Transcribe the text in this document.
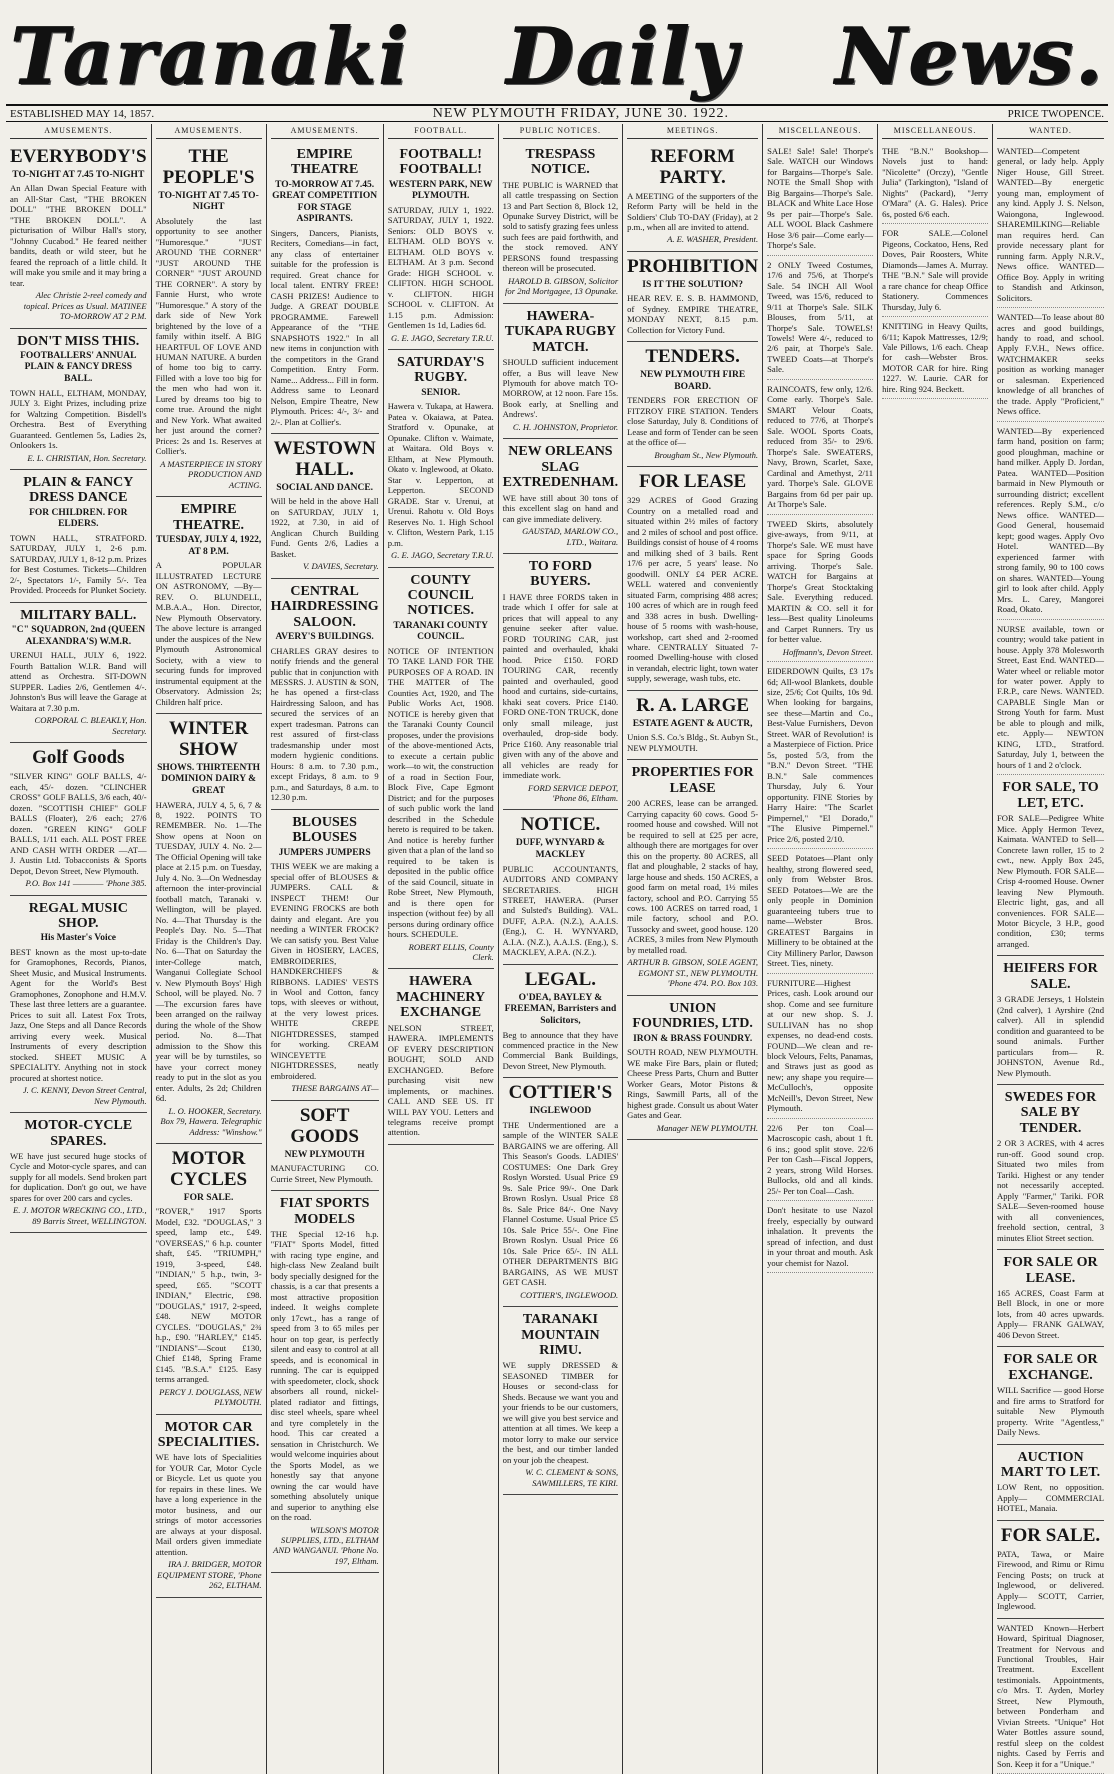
Taranaki Daily News.
ESTABLISHED MAY 14, 1857.	NEW PLYMOUTH FRIDAY, JUNE 30. 1922.	PRICE TWOPENCE.
AMUSEMENTS.
EVERYBODY'S
TO-NIGHT AT 7.45 TO-NIGHT
An Allan Dwan Special Feature with an All-Star Cast, "THE BROKEN DOLL" "THE BROKEN DOLL" "THE BROKEN DOLL". A picturisation of Wilbur Hall's story, "Johnny Cucabod." He feared neither bandits, death or wild steer, but he feared the reproach of a little child. It will make you smile and it may bring a tear.
Alec Christie 2-reel comedy and topical. Prices as Usual. MATINEE TO-MORROW AT 2 P.M.
DON'T MISS THIS.
FOOTBALLERS' ANNUAL PLAIN & FANCY DRESS BALL.
TOWN HALL, ELTHAM, MONDAY, JULY 3. Eight Prizes, including prize for Waltzing Competition. Bisdell's Orchestra. Best of Everything Guaranteed. Gentlemen 5s, Ladies 2s, Onlookers 1s.
E. L. CHRISTIAN, Hon. Secretary.
PLAIN & FANCY DRESS DANCE
FOR CHILDREN. FOR ELDERS.
TOWN HALL, STRATFORD. SATURDAY, JULY 1, 2-6 p.m. SATURDAY, JULY 1, 8-12 p.m. Prizes for Best Costumes. Tickets—Children 2/-, Spectators 1/-, Family 5/-. Tea Provided. Proceeds for Plunket Society.
MILITARY BALL.
"C" SQUADRON, 2nd (QUEEN ALEXANDRA'S) W.M.R.
URENUI HALL, JULY 6, 1922. Fourth Battalion W.I.R. Band will attend as Orchestra. SIT-DOWN SUPPER. Ladies 2/6, Gentlemen 4/-. Johnston's Bus will leave the Garage at Waitara at 7.30 p.m.
CORPORAL C. BLEAKLY, Hon. Secretary.
Golf Goods
"SILVER KING" GOLF BALLS, 4/- each, 45/- dozen. "CLINCHER CROSS" GOLF BALLS, 3/6 each, 40/- dozen. "SCOTTISH CHIEF" GOLF BALLS (Floater), 2/6 each; 27/6 dozen. "GREEN KING" GOLF BALLS, 1/11 each. ALL POST FREE AND CASH WITH ORDER —AT— J. Austin Ltd. Tobacconists & Sports Depot, Devon Street, New Plymouth.
P.O. Box 141 ———— 'Phone 385.
REGAL MUSIC SHOP.
His Master's Voice
BEST known as the most up-to-date for Gramophones, Records, Pianos, Sheet Music, and Musical Instruments. Agent for the World's Best Gramophones, Zonophone and H.M.V. These last three letters are a guarantee. Prices to suit all. Latest Fox Trots, Jazz, One Steps and all Dance Records arriving every week. Musical Instruments of every description stocked. SHEET MUSIC A SPECIALITY. Anything not in stock procured at shortest notice.
J. C. KENNY, Devon Street Central, New Plymouth.
MOTOR-CYCLE SPARES.
WE have just secured huge stocks of Cycle and Motor-cycle spares, and can supply for all models. Send broken part for duplication. Don't go out, we have spares for over 200 cars and cycles.
E. J. MOTOR WRECKING CO., LTD., 89 Barris Street, WELLINGTON.
AMUSEMENTS.
THE PEOPLE'S
TO-NIGHT AT 7.45 TO-NIGHT
Absolutely the last opportunity to see another "Humoresque." "JUST AROUND THE CORNER" "JUST AROUND THE CORNER" "JUST AROUND THE CORNER". A story by Fannie Hurst, who wrote "Humoresque." A story of the dark side of New York brightened by the love of a family within itself. A BIG HEARTFUL OF LOVE AND HUMAN NATURE. A burden of home too big to carry. Filled with a love too big for the men who had won it. Lured by dreams too big to come true. Around the night and New York. What awaited her just around the corner? Prices: 2s and 1s. Reserves at Collier's.
A MASTERPIECE IN STORY PRODUCTION AND ACTING.
EMPIRE THEATRE.
TUESDAY, JULY 4, 1922, AT 8 P.M.
A POPULAR ILLUSTRATED LECTURE ON ASTRONOMY, —By— REV. O. BLUNDELL, M.B.A.A., Hon. Director, New Plymouth Observatory. The above lecture is arranged under the auspices of the New Plymouth Astronomical Society, with a view to securing funds for improved instrumental equipment at the Observatory. Admission 2s; Children half price.
WINTER SHOW
SHOWS. THIRTEENTH DOMINION DAIRY & GREAT
HAWERA, JULY 4, 5, 6, 7 & 8, 1922. POINTS TO REMEMBER. No. 1—The Show opens at Noon on TUESDAY, JULY 4. No. 2—The Official Opening will take place at 2.15 p.m. on Tuesday, July 4. No. 3—On Wednesday afternoon the inter-provincial football match, Taranaki v. Wellington, will be played. No. 4—That Thursday is the People's Day. No. 5—That Friday is the Children's Day. No. 6—That on Saturday the inter-College match, Wanganui Collegiate School v. New Plymouth Boys' High School, will be played. No. 7—The excursion fares have been arranged on the railway during the whole of the Show period. No. 8—That admission to the Show this year will be by turnstiles, so have your correct money ready to put in the slot as you enter. Adults, 2s 2d; Children 6d.
L. O. HOOKER, Secretary. Box 79, Hawera. Telegraphic Address: "Winshow."
MOTOR CYCLES
FOR SALE.
"ROVER," 1917 Sports Model, £32. "DOUGLAS," 3 speed, lamp etc., £49. "OVERSEAS," 6 h.p. counter shaft, £45. "TRIUMPH," 1919, 3-speed, £48. "INDIAN," 5 h.p., twin, 3-speed, £65. "SCOTT INDIAN," Electric, £98. "DOUGLAS," 1917, 2-speed, £48. NEW MOTOR CYCLES. "DOUGLAS," 2¾ h.p., £90. "HARLEY," £145. "INDIANS"—Scout £130, Chief £148, Spring Frame £145. "B.S.A." £125. Easy terms arranged.
PERCY J. DOUGLASS, NEW PLYMOUTH.
MOTOR CAR SPECIALITIES.
WE have lots of Specialities for YOUR Car, Motor Cycle or Bicycle. Let us quote you for repairs in these lines. We have a long experience in the motor business, and our strings of motor accessories are always at your disposal. Mail orders given immediate attention.
IRA J. BRIDGER, MOTOR EQUIPMENT STORE, 'Phone 262, ELTHAM.
AMUSEMENTS.
EMPIRE THEATRE
TO-MORROW AT 7.45. GREAT COMPETITION FOR STAGE ASPIRANTS.
Singers, Dancers, Pianists, Reciters, Comedians—in fact, any class of entertainer suitable for the profession is required. Great chance for local talent. ENTRY FREE! CASH PRIZES! Audience to Judge. A GREAT DOUBLE PROGRAMME. Farewell Appearance of the "THE SNAPSHOTS 1922." In all new items in conjunction with the competitors in the Grand Competition. Entry Form. Name... Address... Fill in form. Address same to Leonard Nelson, Empire Theatre, New Plymouth. Prices: 4/-, 3/- and 2/-. Plan at Collier's.
WESTOWN HALL.
SOCIAL AND DANCE.
Will be held in the above Hall on SATURDAY, JULY 1, 1922, at 7.30, in aid of Anglican Church Building Fund. Gents 2/6, Ladies a Basket.
V. DAVIES, Secretary.
CENTRAL HAIRDRESSING SALOON.
AVERY'S BUILDINGS.
CHARLES GRAY desires to notify friends and the general public that in conjunction with MESSRS. J. AUSTIN & SON, he has opened a first-class Hairdressing Saloon, and has secured the services of an expert tradesman. Patrons can rest assured of first-class tradesmanship under most modern hygienic conditions. Hours: 8 a.m. to 7.30 p.m., except Fridays, 8 a.m. to 9 p.m., and Saturdays, 8 a.m. to 12.30 p.m.
BLOUSES BLOUSES
JUMPERS JUMPERS
THIS WEEK we are making a special offer of BLOUSES & JUMPERS. CALL & INSPECT THEM! Our EVENING FROCKS are both dainty and elegant. Are you needing a WINTER FROCK? We can satisfy you. Best Value Given in HOSIERY, LACES, EMBROIDERIES, HANDKERCHIEFS & RIBBONS. LADIES' VESTS in Wool and Cotton, fancy tops, with sleeves or without, at the very lowest prices. WHITE CREPE NIGHTDRESSES, stamped for working. CREAM WINCEYETTE NIGHTDRESSES, neatly embroidered.
THESE BARGAINS AT—
SOFT GOODS
NEW PLYMOUTH
MANUFACTURING CO. Currie Street, New Plymouth.
FIAT SPORTS MODELS
THE Special 12-16 h.p. "FIAT" Sports Model, fitted with racing type engine, and high-class New Zealand built body specially designed for the chassis, is a car that presents a most attractive proposition indeed. It weighs complete only 17cwt., has a range of speed from 3 to 65 miles per hour on top gear, is perfectly silent and easy to control at all speeds, and is economical in running. The car is equipped with speedometer, clock, shock absorbers all round, nickel-plated radiator and fittings, disc steel wheels, spare wheel and tyre completely in the hood. This car created a sensation in Christchurch. We would welcome inquiries about the Sports Model, as we honestly say that anyone owning the car would have something absolutely unique and superior to anything else on the road.
WILSON'S MOTOR SUPPLIES, LTD., ELTHAM AND WANGANUI. 'Phone No. 197, Eltham.
FOOTBALL.
FOOTBALL! FOOTBALL!
WESTERN PARK, NEW PLYMOUTH.
SATURDAY, JULY 1, 1922. SATURDAY, JULY 1, 1922. Seniors: OLD BOYS v. ELTHAM. OLD BOYS v. ELTHAM. OLD BOYS v. ELTHAM. At 3 p.m. Second Grade: HIGH SCHOOL v. CLIFTON. HIGH SCHOOL v. CLIFTON. HIGH SCHOOL v. CLIFTON. At 1.15 p.m. Admission: Gentlemen 1s 1d, Ladies 6d.
G. E. JAGO, Secretary T.R.U.
SATURDAY'S RUGBY.
SENIOR.
Hawera v. Tukapa, at Hawera. Patea v. Okaiawa, at Patea. Stratford v. Opunake, at Opunake. Clifton v. Waimate, at Waitara. Old Boys v. Eltham, at New Plymouth. Okato v. Inglewood, at Okato. Star v. Lepperton, at Lepperton. SECOND GRADE. Star v. Urenui, at Urenui. Rahotu v. Old Boys Reserves No. 1. High School v. Clifton, Western Park, 1.15 p.m.
G. E. JAGO, Secretary T.R.U.
COUNTY COUNCIL NOTICES.
TARANAKI COUNTY COUNCIL.
NOTICE OF INTENTION TO TAKE LAND FOR THE PURPOSES OF A ROAD. IN THE MATTER of The Counties Act, 1920, and The Public Works Act, 1908. NOTICE is hereby given that the Taranaki County Council proposes, under the provisions of the above-mentioned Acts, to execute a certain public work—to wit, the construction of a road in Section Four, Block Five, Cape Egmont District; and for the purposes of such public work the land described in the Schedule hereto is required to be taken. And notice is hereby further given that a plan of the land so required to be taken is deposited in the public office of the said Council, situate in Robe Street, New Plymouth, and is there open for inspection (without fee) by all persons during ordinary office hours. SCHEDULE.
ROBERT ELLIS, County Clerk.
HAWERA MACHINERY EXCHANGE
NELSON STREET, HAWERA. IMPLEMENTS OF EVERY DESCRIPTION BOUGHT, SOLD AND EXCHANGED. Before purchasing visit new implements, or machines. CALL AND SEE US. IT WILL PAY YOU. Letters and telegrams receive prompt attention.
PUBLIC NOTICES.
TRESPASS NOTICE.
THE PUBLIC is WARNED that all cattle trespassing on Section 13 and Part Section 8, Block 12, Opunake Survey District, will be sold to satisfy grazing fees unless such fees are paid forthwith, and the stock removed. ANY PERSONS found trespassing thereon will be prosecuted.
HAROLD B. GIBSON, Solicitor for 2nd Mortgagee, 13 Opunake.
HAWERA-TUKAPA RUGBY MATCH.
SHOULD sufficient inducement offer, a Bus will leave New Plymouth for above match TO-MORROW, at 12 noon. Fare 15s. Book early, at Snelling and Andrews'.
C. H. JOHNSTON, Proprietor.
NEW ORLEANS SLAG EXTREDENHAM.
WE have still about 30 tons of this excellent slag on hand and can give immediate delivery.
GAUSTAD, MARLOW CO., LTD., Waitara.
TO FORD BUYERS.
I HAVE three FORDS taken in trade which I offer for sale at prices that will appeal to any genuine seeker after value. FORD TOURING CAR, just painted and overhauled, khaki hood. Price £150. FORD TOURING CAR, recently painted and overhauled, good hood and curtains, side-curtains, khaki seat covers. Price £140. FORD ONE-TON TRUCK, done only small mileage, just overhauled, drop-side body. Price £160. Any reasonable trial given with any of the above and all vehicles are ready for immediate work.
FORD SERVICE DEPOT, 'Phone 86, Eltham.
NOTICE.
DUFF, WYNYARD & MACKLEY
PUBLIC ACCOUNTANTS, AUDITORS AND COMPANY SECRETARIES. HIGH STREET, HAWERA. (Purser and Sulsted's Building). VAL. DUFF, A.P.A. (N.Z.), A.A.I.S. (Eng.), C. H. WYNYARD, A.I.A. (N.Z.), A.A.I.S. (Eng.), S. MACKLEY, A.P.A. (N.Z.).
LEGAL.
O'DEA, BAYLEY & FREEMAN, Barristers and Solicitors,
Beg to announce that they have commenced practice in the New Commercial Bank Buildings, Devon Street, New Plymouth.
COTTIER'S
INGLEWOOD
THE Undermentioned are a sample of the WINTER SALE BARGAINS we are offering. All This Season's Goods. LADIES' COSTUMES: One Dark Grey Roslyn Worsted. Usual Price £9 9s. Sale Price 99/-. One Dark Brown Roslyn. Usual Price £8 8s. Sale Price 84/-. One Navy Flannel Costume. Usual Price £5 10s. Sale Price 55/-. One Fine Brown Roslyn. Usual Price £6 10s. Sale Price 65/-. IN ALL OTHER DEPARTMENTS BIG BARGAINS, AS WE MUST GET CASH.
COTTIER'S, INGLEWOOD.
TARANAKI MOUNTAIN RIMU.
WE supply DRESSED & SEASONED TIMBER for Houses or second-class for Sheds. Because we want you and your friends to be our customers, we will give you best service and attention at all times. We keep a motor lorry to make our service the best, and our timber landed on your job the cheapest.
W. C. CLEMENT & SONS, SAWMILLERS, TE KIRI.
MEETINGS.
REFORM PARTY.
A MEETING of the supporters of the Reform Party will be held in the Soldiers' Club TO-DAY (Friday), at 2 p.m., when all are invited to attend.
A. E. WASHER, President.
PROHIBITION
IS IT THE SOLUTION?
HEAR REV. E. S. B. HAMMOND, of Sydney. EMPIRE THEATRE, MONDAY NEXT, 8.15 p.m. Collection for Victory Fund.
TENDERS.
NEW PLYMOUTH FIRE BOARD.
TENDERS FOR ERECTION OF FITZROY FIRE STATION. Tenders close Saturday, July 8. Conditions of Lease and form of Tender can be seen at the office of—
Brougham St., New Plymouth.
FOR LEASE
329 ACRES of Good Grazing Country on a metalled road and situated within 2½ miles of factory and 2 miles of school and post office. Buildings consist of house of 4 rooms and milking shed of 3 bails. Rent 17/6 per acre, 5 years' lease. No goodwill. ONLY £4 PER ACRE. WELL watered and conveniently situated Farm, comprising 488 acres; 100 acres of which are in rough feed and 338 acres in bush. Dwelling-house of 5 rooms with wash-house, workshop, cart shed and 2-roomed whare. CENTRALLY Situated 7-roomed Dwelling-house with closed in verandah, electric light, town water supply, sewerage, wash tubs, etc.
R. A. LARGE
ESTATE AGENT & AUCTR,
Union S.S. Co.'s Bldg., St. Aubyn St., NEW PLYMOUTH.
PROPERTIES FOR LEASE
200 ACRES, lease can be arranged. Carrying capacity 60 cows. Good 5-roomed house and cowshed. Will not be required to sell at £25 per acre, although there are mortgages for over this on the property. 80 ACRES, all flat and ploughable, 2 stacks of hay, large house and sheds. 150 ACRES, a good farm on metal road, 1½ miles factory, school and P.O. Carrying 55 cows. 100 ACRES on tarred road, 1 mile factory, school and P.O. Tussocky and sweet, good house. 120 ACRES, 3 miles from New Plymouth by metalled road.
ARTHUR B. GIBSON, SOLE AGENT, EGMONT ST., NEW PLYMOUTH. 'Phone 474. P.O. Box 103.
UNION FOUNDRIES, LTD.
IRON & BRASS FOUNDRY.
SOUTH ROAD, NEW PLYMOUTH. WE make Fire Bars, plain or fluted; Cheese Press Parts, Churn and Butter Worker Gears, Motor Pistons & Rings, Sawmill Parts, all of the highest grade. Consult us about Water Gates and Gear.
Manager NEW PLYMOUTH.
MISCELLANEOUS.
SALE! Sale! Sale! Thorpe's Sale. WATCH our Windows for Bargains—Thorpe's Sale. NOTE the Small Shop with Big Bargains—Thorpe's Sale. BLACK and White Lace Hose 9s per pair—Thorpe's Sale. ALL WOOL Black Cashmere Hose 3/6 pair—Come early—Thorpe's Sale.
2 ONLY Tweed Costumes, 17/6 and 75/6, at Thorpe's Sale. 54 INCH All Wool Tweed, was 15/6, reduced to 9/11 at Thorpe's Sale. SILK Blouses, from 5/11, at Thorpe's Sale. TOWELS! Towels! Were 4/-, reduced to 2/6 pair, at Thorpe's Sale. TWEED Coats—at Thorpe's Sale.
RAINCOATS, few only, 12/6. Come early. Thorpe's Sale. SMART Velour Coats, reduced to 77/6, at Thorpe's Sale. WOOL Sports Coats, reduced from 35/- to 29/6. Thorpe's Sale. SWEATERS, Navy, Brown, Scarlet, Saxe, Cardinal and Amethyst, 2/11 yard. Thorpe's Sale. GLOVE Bargains from 6d per pair up. At Thorpe's Sale.
TWEED Skirts, absolutely give-aways, from 9/11, at Thorpe's Sale. WE must have space for Spring Goods arriving. Thorpe's Sale. WATCH for Bargains at Thorpe's Great Stocktaking Sale. Everything reduced. MARTIN & CO. sell it for less—Best quality Linoleums and Carpet Runners. Try us for better value.
Hoffmann's, Devon Street.
EIDERDOWN Quilts, £3 17s 6d; All-wool Blankets, double size, 25/6; Cot Quilts, 10s 9d. When looking for bargains, see these—Martin and Co., Best-Value Furnishers, Devon Street. WAR of Revolution! is a Masterpiece of Fiction. Price 5s, posted 5/3, from the "B.N." Devon Street. "THE B.N." Sale commences Thursday, July 6. Your opportunity. FINE Stories by Harry Haire: "The Scarlet Pimpernel," "El Dorado," "The Elusive Pimpernel." Price 2/6, posted 2/10.
SEED Potatoes—Plant only healthy, strong flowered seed, only from Webster Bros. SEED Potatoes—We are the only people in Dominion guaranteeing tubers true to name—Webster Bros. GREATEST Bargains in Millinery to be obtained at the City Millinery Parlor, Dawson Street. Ties, ninety.
FURNITURE—Highest Prices, cash. Look around our shop. Come and see furniture at our new shop. S. J. SULLIVAN has no shop expenses, no dead-end costs. FOUND—We clean and re-block Velours, Felts, Panamas, and Straws just as good as new; any shape you require—McCulloch's, opposite McNeill's, Devon Street, New Plymouth.
22/6 Per ton Coal—Macroscopic cash, about 1 ft. 6 ins.; good split stove. 22/6 Per ton Cash—Fiscal Joppers, 2 years, strong Wild Horses. Bullocks, old and all kinds. 25/- Per ton Coal—Cash.
Don't hesitate to use Nazol freely, especially by outward inhalation. It prevents the spread of infection, and dust in your throat and mouth. Ask your chemist for Nazol.
MISCELLANEOUS.
THE "B.N." Bookshop—Novels just to hand: "Nicolette" (Orczy), "Gentle Julia" (Tarkington), "Island of Nights" (Packard), "Jerry O'Mara" (A. G. Hales). Price 6s, posted 6/6 each.
FOR SALE.—Colonel Pigeons, Cockatoo, Hens, Red Doves, Pair Roosters, White Diamonds—James A. Murray. THE "B.N." Sale will provide a rare chance for cheap Office Stationery. Commences Thursday, July 6.
KNITTING in Heavy Quilts, 6/11; Kapok Mattresses, 12/9; Vale Pillows, 1/6 each. Cheap for cash—Webster Bros. MOTOR CAR for hire. Ring 1227. W. Laurie. CAR for hire. Ring 924. Beckett.
WANTED.
WANTED—Competent general, or lady help. Apply Niger House, Gill Street. WANTED—By energetic young man, employment of any kind. Apply J. S. Nelson, Waiongona, Inglewood. SHAREMILKING—Reliable man requires herd. Can provide necessary plant for running farm. Apply N.R.V., News office. WANTED—Office Boy. Apply in writing to Standish and Atkinson, Solicitors.
WANTED—To lease about 80 acres and good buildings, handy to road, and school. Apply F.V.H., News office. WATCHMAKER seeks position as working manager or salesman. Experienced knowledge of all branches of the trade. Apply "Proficient," News office.
WANTED—By experienced farm hand, position on farm; good ploughman, machine or hand milker. Apply D. Jordan, Patea. WANTED—Position barmaid in New Plymouth or surrounding district; excellent references. Reply S.M., c/o News office. WANTED—Good General, housemaid kept; good wages. Apply Ovo Hotel. WANTED—By experienced farmer with strong family, 90 to 100 cows on shares. WANTED—Young girl to look after child. Apply Mrs. L. Carey, Mangorei Road, Okato.
NURSE available, town or country; would take patient in house. Apply 378 Molesworth Street, East End. WANTED—Water wheel or reliable motor for water power. Apply to F.R.P., care News. WANTED. CAPABLE Single Man or Strong Youth for farm. Must be able to plough and milk, etc. Apply— NEWTON KING, LTD., Stratford. Saturday, July 1, between the hours of 1 and 2 o'clock.
FOR SALE, TO LET, ETC.
FOR SALE—Pedigree White Mice. Apply Hermon Tevez, Kaimata. WANTED to Sell—Concrete lawn roller, 15 to 2 cwt., new. Apply Box 245, New Plymouth. FOR SALE—Crisp 4-roomed House. Owner leaving New Plymouth. Electric light, gas, and all conveniences. FOR SALE—Motor Bicycle, 3 H.P., good condition, £30; terms arranged.
HEIFERS FOR SALE.
3 GRADE Jerseys, 1 Holstein (2nd calver), 1 Ayrshire (2nd calver). All in splendid condition and guaranteed to be sound animals. Further particulars from— R. JOHNSTON, Avenue Rd., New Plymouth.
SWEDES FOR SALE BY TENDER.
2 OR 3 ACRES, with 4 acres run-off. Good sound crop. Situated two miles from Tariki. Highest or any tender not necessarily accepted. Apply "Farmer," Tariki. FOR SALE—Seven-roomed house with all conveniences, freehold section, central, 3 minutes Eliot Street section.
FOR SALE OR LEASE.
165 ACRES, Coast Farm at Bell Block, in one or more lots, from 40 acres upwards. Apply— FRANK GALWAY, 406 Devon Street.
FOR SALE OR EXCHANGE.
WILL Sacrifice — good Horse and fire arms to Stratford for suitable New Plymouth property. Write "Agentless," Daily News.
AUCTION MART TO LET.
LOW Rent, no opposition. Apply— COMMERCIAL HOTEL, Manaia.
FOR SALE.
PATA, Tawa, or Maire Firewood, and Rimu or Rimu Fencing Posts; on truck at Inglewood, or delivered. Apply— SCOTT, Carrier, Inglewood.
WANTED Known—Herbert Howard, Spiritual Diagnoser, Treatment for Nervous and Functional Troubles, Hair Treatment. Excellent testimonials. Appointments, c/o Mrs. T. Ayden, Morley Street, New Plymouth, between Ponderham and Vivian Streets. "Unique" Hot Water Bottles assure sound, restful sleep on the coldest nights. Cased by Ferris and Son. Keep it for a "Unique."
